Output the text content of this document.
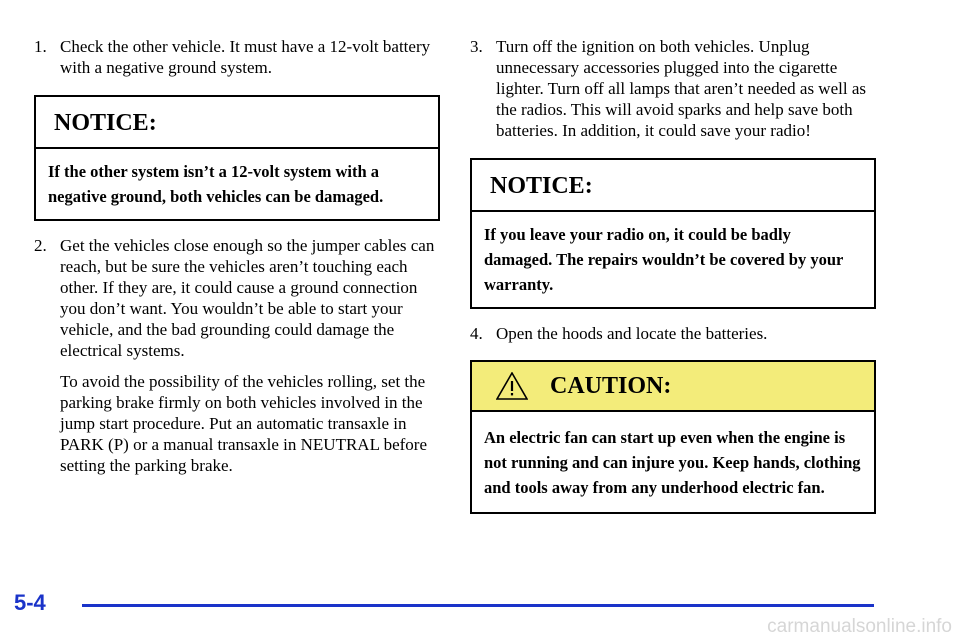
1. Check the other vehicle. It must have a 12-volt battery with a negative ground system.
NOTICE:
If the other system isn’t a 12-volt system with a negative ground, both vehicles can be damaged.
2. Get the vehicles close enough so the jumper cables can reach, but be sure the vehicles aren’t touching each other. If they are, it could cause a ground connection you don’t want. You wouldn’t be able to start your vehicle, and the bad grounding could damage the electrical systems.

To avoid the possibility of the vehicles rolling, set the parking brake firmly on both vehicles involved in the jump start procedure. Put an automatic transaxle in PARK (P) or a manual transaxle in NEUTRAL before setting the parking brake.

3. Turn off the ignition on both vehicles. Unplug unnecessary accessories plugged into the cigarette lighter. Turn off all lamps that aren’t needed as well as the radios. This will avoid sparks and help save both batteries. In addition, it could save your radio!
NOTICE:
If you leave your radio on, it could be badly damaged. The repairs wouldn’t be covered by your warranty.
4. Open the hoods and locate the batteries.
CAUTION:
An electric fan can start up even when the engine is not running and can injure you. Keep hands, clothing and tools away from any underhood electric fan.
5-4
carmanualsonline.info
